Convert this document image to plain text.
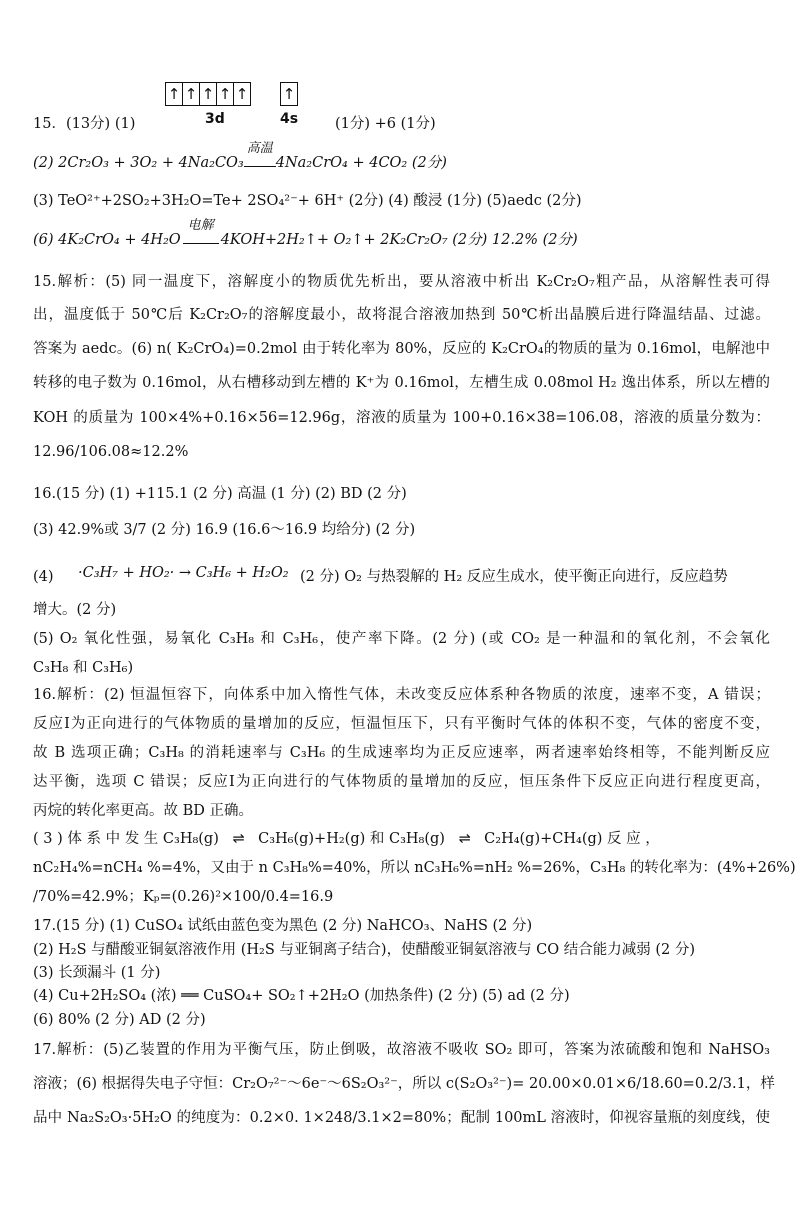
↑ ↑ ↑ ↑ ↑ ↑
3d	4s
15．(13分) (1)	(1分) +6 (1分)
(2) 2Cr₂O₃ + 3O₂ + 4Na₂CO₃
高温
4Na₂CrO₄ + 4CO₂ (2分)
(3) TeO²⁺+2SO₂+3H₂O=Te+ 2SO₄²⁻+ 6H⁺ (2分) (4) 酸浸 (1分) (5)aedc (2分)
(6) 4K₂CrO₄ + 4H₂O
电解
4KOH+2H₂↑+ O₂↑+ 2K₂Cr₂O₇ (2分) 12.2% (2分)
15.解析：(5) 同一温度下，溶解度小的物质优先析出，要从溶液中析出 K₂Cr₂O₇粗产品，从溶解性表可得
出，温度低于 50℃后 K₂Cr₂O₇的溶解度最小，故将混合溶液加热到 50℃析出晶膜后进行降温结晶、过滤。
答案为 aedc。(6) n( K₂CrO₄)=0.2mol 由于转化率为 80%，反应的 K₂CrO₄的物质的量为 0.16mol，电解池中
转移的电子数为 0.16mol，从右槽移动到左槽的 K⁺为 0.16mol，左槽生成 0.08mol H₂ 逸出体系，所以左槽的
KOH 的质量为 100×4%+0.16×56=12.96g，溶液的质量为 100+0.16×38=106.08，溶液的质量分数为：
12.96/106.08≈12.2%
16.(15 分) (1) +115.1 (2 分) 高温 (1 分) (2) BD (2 分)
(3) 42.9%或 3/7 (2 分) 16.9 (16.6～16.9 均给分) (2 分)
(4) ·C₃H₇ + HO₂· → C₃H₆ + H₂O₂ (2 分) O₂ 与热裂解的 H₂ 反应生成水，使平衡正向进行，反应趋势
增大。(2 分)
(5) O₂ 氧化性强，易氧化 C₃H₈ 和 C₃H₆，使产率下降。(2 分) (或 CO₂ 是一种温和的氧化剂，不会氧化
C₃H₈ 和 C₃H₆)
16.解析：(2) 恒温恒容下，向体系中加入惰性气体，未改变反应体系种各物质的浓度，速率不变，A 错误；
反应Ⅰ为正向进行的气体物质的量增加的反应，恒温恒压下，只有平衡时气体的体积不变，气体的密度不变，
故 B 选项正确；C₃H₈ 的消耗速率与 C₃H₆ 的生成速率均为正反应速率，两者速率始终相等，不能判断反应
达平衡，选项 C 错误；反应Ⅰ为正向进行的气体物质的量增加的反应，恒压条件下反应正向进行程度更高，
丙烷的转化率更高。故 BD 正确。
( 3 ) 体 系 中 发 生 C₃H₈(g) ⇌ C₃H₆(g)+H₂(g) 和 C₃H₈(g) ⇌ C₂H₄(g)+CH₄(g) 反 应 ，
nC₂H₄%=nCH₄ %=4%，又由于 n C₃H₈%=40%，所以 nC₃H₆%=nH₂ %=26%，C₃H₈ 的转化率为：(4%+26%)
/70%=42.9%；Kₚ=(0.26)²×100/0.4=16.9
17.(15 分) (1) CuSO₄ 试纸由蓝色变为黑色 (2 分) NaHCO₃、NaHS (2 分)
(2) H₂S 与醋酸亚铜氨溶液作用 (H₂S 与亚铜离子结合)，使醋酸亚铜氨溶液与 CO 结合能力减弱 (2 分)
(3) 长颈漏斗 (1 分)
(4) Cu+2H₂SO₄ (浓) ══ CuSO₄+ SO₂↑+2H₂O (加热条件) (2 分) (5) ad (2 分)
(6) 80% (2 分) AD (2 分)
17.解析：(5)乙装置的作用为平衡气压，防止倒吸，故溶液不吸收 SO₂ 即可，答案为浓硫酸和饱和 NaHSO₃
溶液；(6) 根据得失电子守恒：Cr₂O₇²⁻～6e⁻～6S₂O₃²⁻，所以 c(S₂O₃²⁻)= 20.00×0.01×6/18.60=0.2/3.1，样
品中 Na₂S₂O₃·5H₂O 的纯度为：0.2×0. 1×248/3.1×2=80%；配制 100mL 溶液时，仰视容量瓶的刻度线，使
